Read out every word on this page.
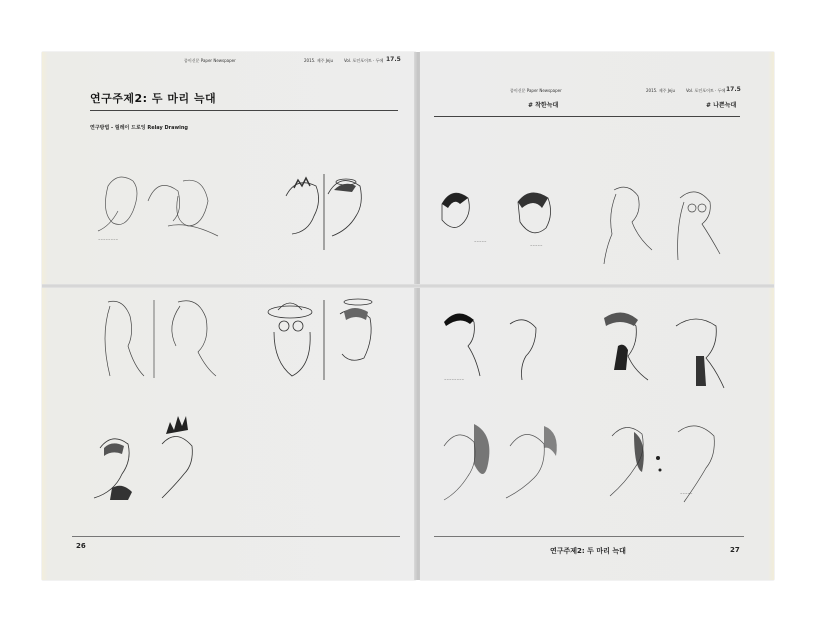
종이신문 Paper Newspaper	2015. 제주 Jeju	Vol. 포인포이트 · 두에 17.5
연구주제2: 두 마리 늑대
연구방법 - 릴레이 드로잉 Relay Drawing
~~~~~~~~
26
종이신문 Paper Newspaper	2015. 제주 Jeju	Vol. 포인포이트 · 두에 17.5
# 착한늑대	# 나쁜늑대
~~~~~
~~~~~
~~~~~~~~
~~~~~
연구주제2: 두 마리 늑대	27
